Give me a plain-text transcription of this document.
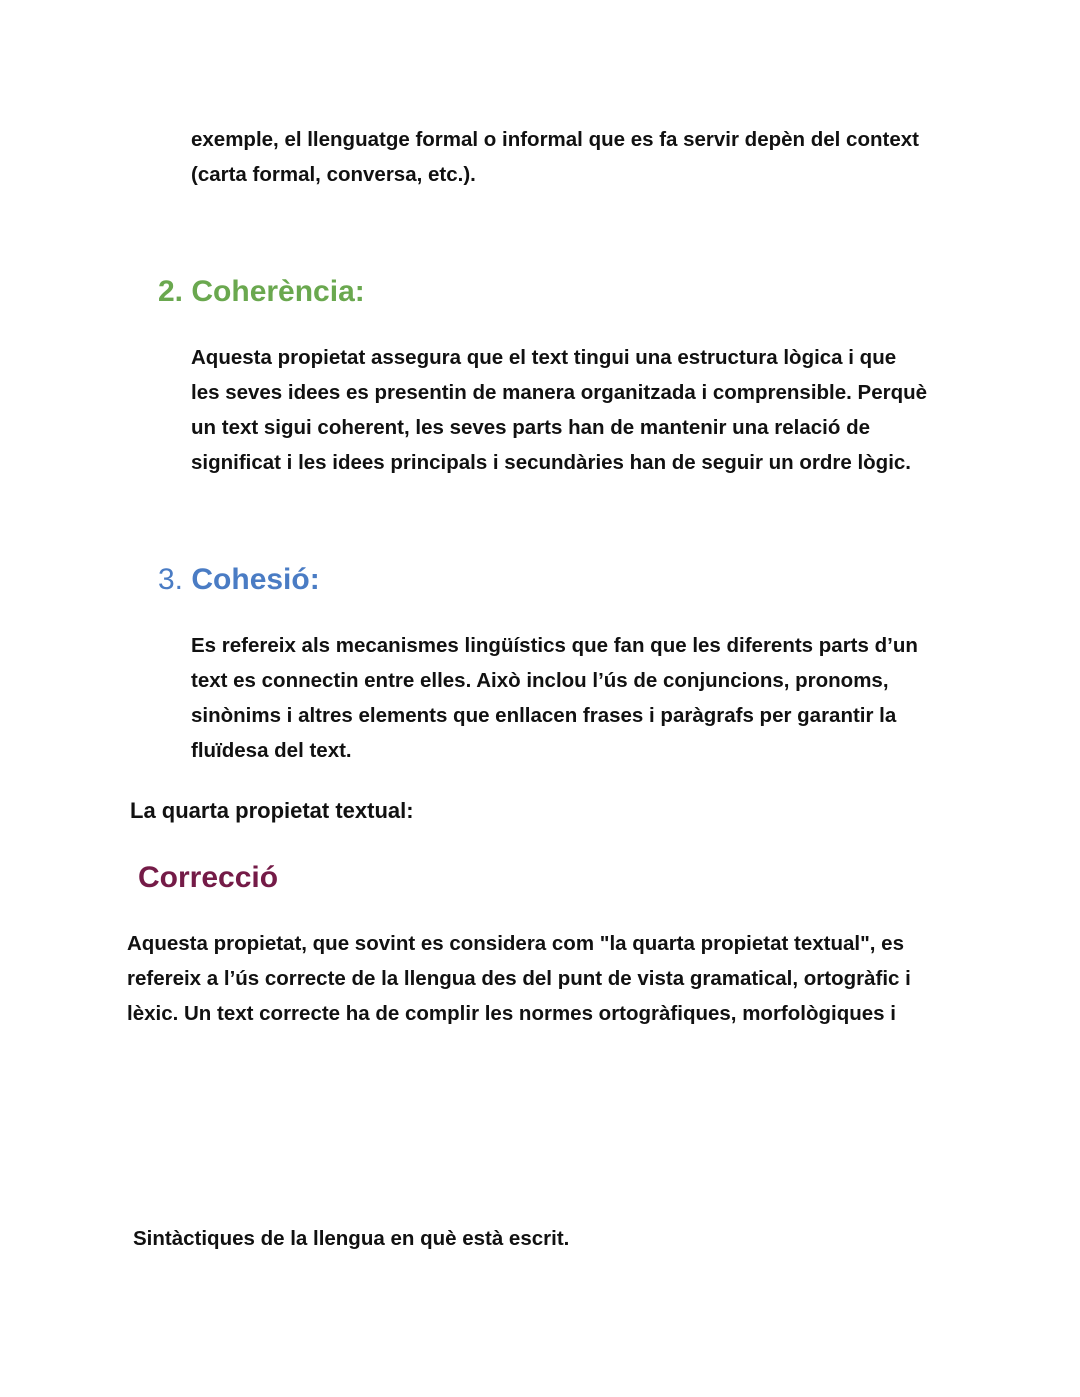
exemple, el llenguatge formal o informal que es fa servir depèn del context

(carta formal, conversa, etc.).

2. Coherència:

Aquesta propietat assegura que el text tingui una estructura lògica i que

les seves idees es presentin de manera organitzada i comprensible. Perquè

un text sigui coherent, les seves parts han de mantenir una relació de

significat i les idees principals i secundàries han de seguir un ordre lògic.

3. Cohesió:

Es refereix als mecanismes lingüístics que fan que les diferents parts d’un

text es connectin entre elles. Això inclou l’ús de conjuncions, pronoms,

sinònims i altres elements que enllacen frases i paràgrafs per garantir la

fluïdesa del text.

La quarta propietat textual:

Correcció

Aquesta propietat, que sovint es considera com "la quarta propietat textual", es

refereix a l’ús correcte de la llengua des del punt de vista gramatical, ortogràfic i

lèxic. Un text correcte ha de complir les normes ortogràfiques, morfològiques i

Sintàctiques de la llengua en què està escrit.
